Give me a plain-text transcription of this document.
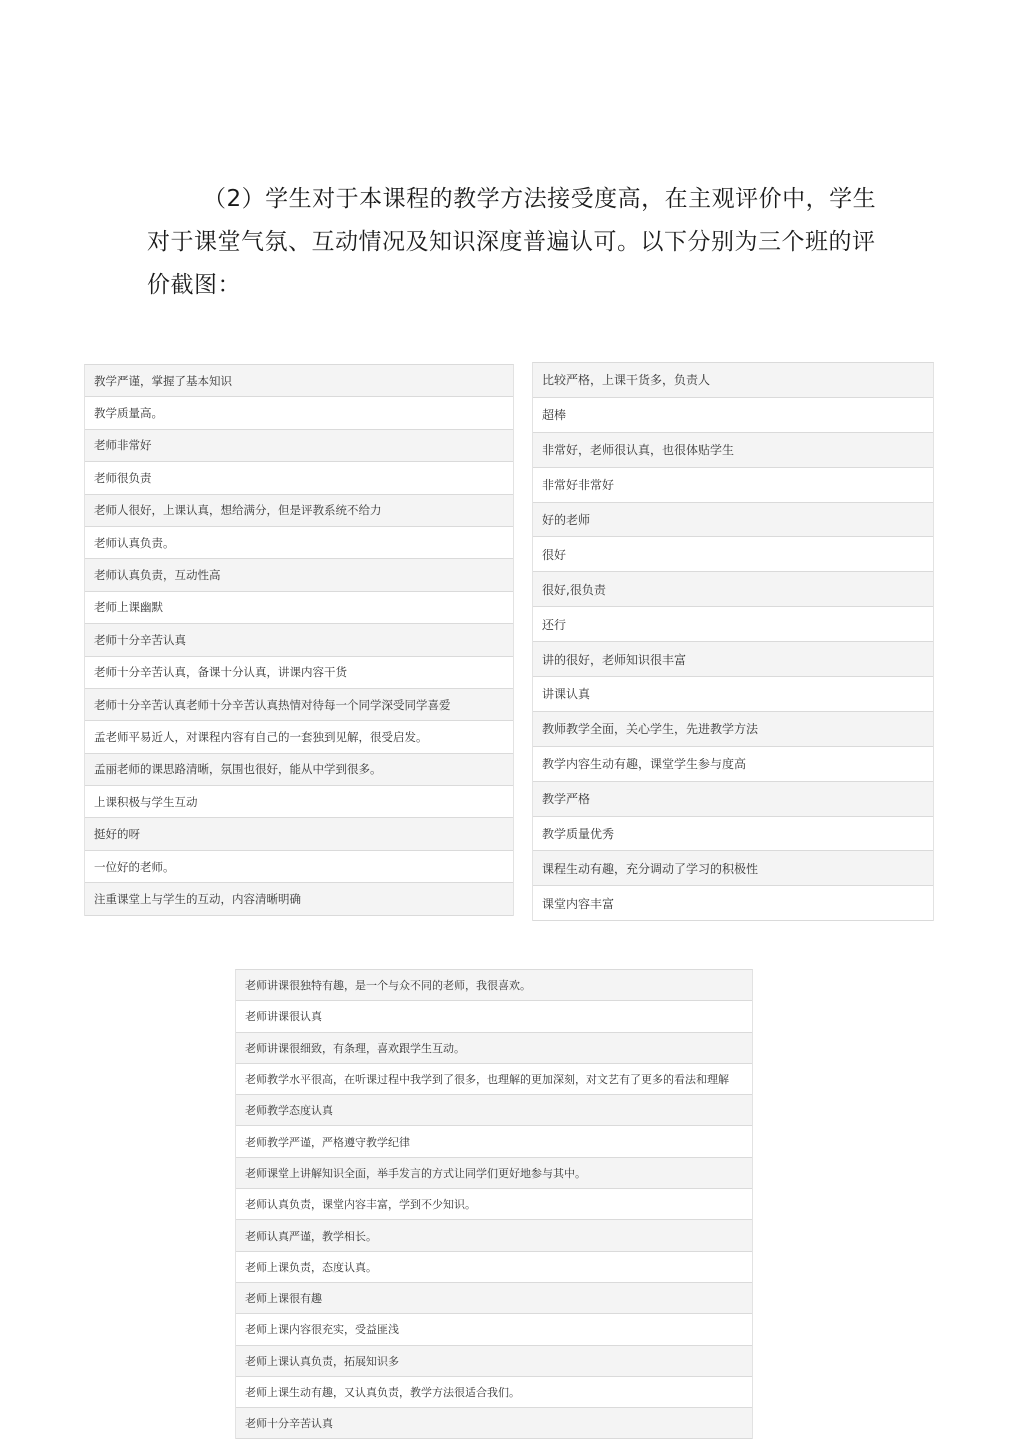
（2）学生对于本课程的教学方法接受度高，在主观评价中，学生对于课堂气氛、互动情况及知识深度普遍认可。以下分别为三个班的评价截图：

教学严谨，掌握了基本知识
教学质量高。
老师非常好
老师很负责
老师人很好，上课认真，想给满分，但是评教系统不给力
老师认真负责。
老师认真负责，互动性高
老师上课幽默
老师十分辛苦认真
老师十分辛苦认真，备课十分认真，讲课内容干货
老师十分辛苦认真老师十分辛苦认真热情对待每一个同学深受同学喜爱
孟老师平易近人，对课程内容有自己的一套独到见解，很受启发。
孟丽老师的课思路清晰，氛围也很好，能从中学到很多。
上课积极与学生互动
挺好的呀
一位好的老师。
注重课堂上与学生的互动，内容清晰明确
比较严格，上课干货多，负责人
超棒
非常好，老师很认真，也很体贴学生
非常好非常好
好的老师
很好
很好,很负责
还行
讲的很好，老师知识很丰富
讲课认真
教师教学全面，关心学生，先进教学方法
教学内容生动有趣，课堂学生参与度高
教学严格
教学质量优秀
课程生动有趣，充分调动了学习的积极性
课堂内容丰富
老师讲课很独特有趣，是一个与众不同的老师，我很喜欢。
老师讲课很认真
老师讲课很细致，有条理，喜欢跟学生互动。
老师教学水平很高，在听课过程中我学到了很多，也理解的更加深刻，对文艺有了更多的看法和理解
老师教学态度认真
老师教学严谨，严格遵守教学纪律
老师课堂上讲解知识全面，举手发言的方式让同学们更好地参与其中。
老师认真负责，课堂内容丰富，学到不少知识。
老师认真严谨，教学相长。
老师上课负责，态度认真。
老师上课很有趣
老师上课内容很充实，受益匪浅
老师上课认真负责，拓展知识多
老师上课生动有趣，又认真负责，教学方法很适合我们。
老师十分辛苦认真
